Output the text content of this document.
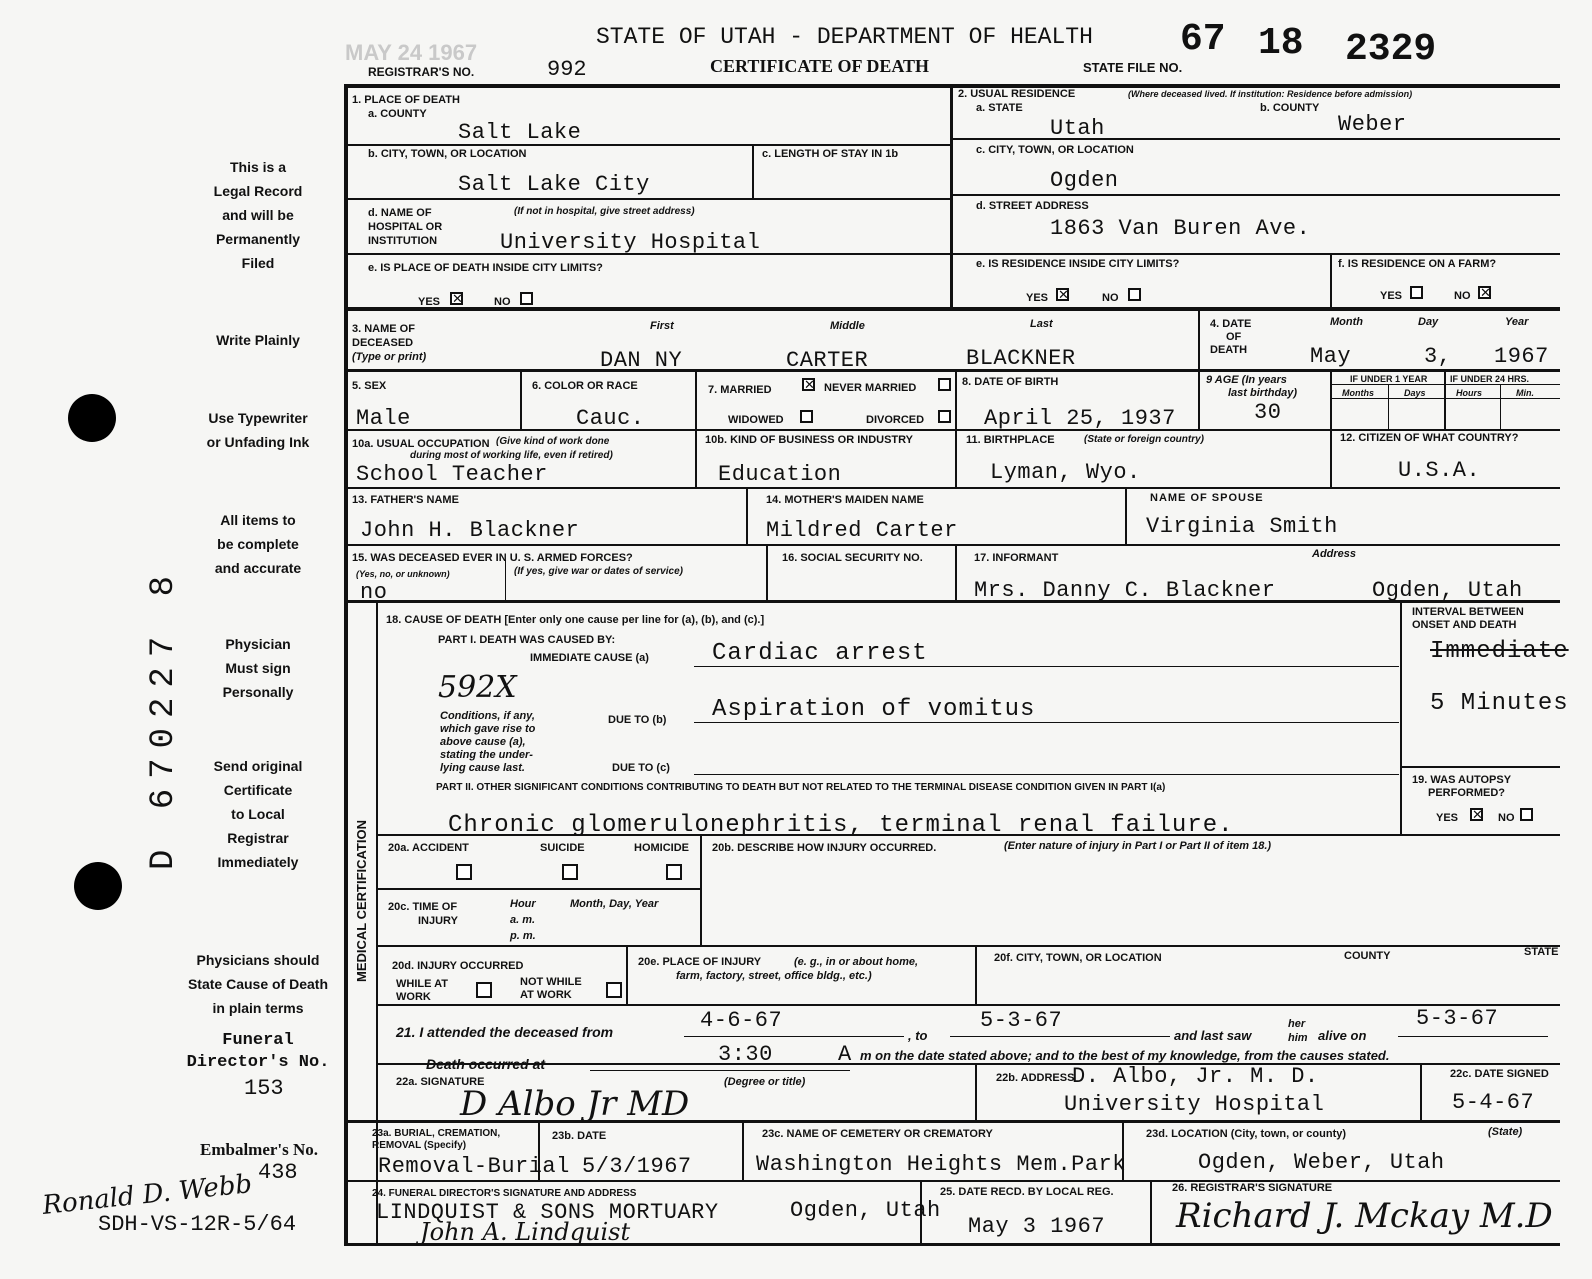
MAY 24 1967
STATE OF UTAH - DEPARTMENT OF HEALTH 67 18 2329
REGISTRAR'S NO.	992	CERTIFICATE OF DEATH	STATE FILE NO.
This is a
Legal Record
and will be
Permanently
Filed
Write Plainly
Use Typewriter
or Unfading Ink
All items to
be complete
and accurate
Physician
Must sign
Personally
Send original
Certificate
to Local
Registrar
Immediately
Physicians should
State Cause of Death
in plain terms
D 670227 8
Funeral
Director's No.
153
Embalmer's No.
438
Ronald D. Webb
SDH-VS-12R-5/64
1. PLACE OF DEATH
a. COUNTY
Salt Lake
b. CITY, TOWN, OR LOCATION
Salt Lake City
c. LENGTH OF STAY IN 1b
d. NAME OF
HOSPITAL OR
INSTITUTION
(If not in hospital, give street address)
University Hospital
e. IS PLACE OF DEATH INSIDE CITY LIMITS?
YES ✕	NO
2. USUAL RESIDENCE	(Where deceased lived. If institution: Residence before admission)
a. STATE
Utah
b. COUNTY
Weber
c. CITY, TOWN, OR LOCATION
Ogden
d. STREET ADDRESS
1863 Van Buren Ave.
e. IS RESIDENCE INSIDE CITY LIMITS?
YES ✕	NO
f. IS RESIDENCE ON A FARM?
YES	NO ✕
3. NAME OF
DECEASED
(Type or print)
First	Middle	Last
DAN NY	CARTER	BLACKNER
4. DATE
OF
DEATH
Month	Day	Year
May	3, 1967
5. SEX
Male
6. COLOR OR RACE
Cauc.
7. MARRIED ✕ NEVER MARRIED
WIDOWED	DIVORCED
8. DATE OF BIRTH
April 25, 1937
9 AGE (In years
last birthday)
30
IF UNDER 1 YEAR	IF UNDER 24 HRS.
Months	Days	Hours	Min.
10a. USUAL OCCUPATION (Give kind of work done
during most of working life, even if retired)
School Teacher
10b. KIND OF BUSINESS OR INDUSTRY
Education
11. BIRTHPLACE	(State or foreign country)
Lyman, Wyo.
12. CITIZEN OF WHAT COUNTRY?
U.S.A.
13. FATHER'S NAME
John H. Blackner
14. MOTHER'S MAIDEN NAME
Mildred Carter
NAME OF SPOUSE
Virginia Smith
15. WAS DECEASED EVER IN U. S. ARMED FORCES?
(Yes, no, or unknown)	(If yes, give war or dates of service)
no
16. SOCIAL SECURITY NO.	17. INFORMANT	Address
Mrs. Danny C. Blackner	Ogden, Utah
MEDICAL CERTIFICATION
18. CAUSE OF DEATH [Enter only one cause per line for (a), (b), and (c).]
PART I. DEATH WAS CAUSED BY:
IMMEDIATE CAUSE (a)	Cardiac arrest
592X
Conditions, if any,
which gave rise to
above cause (a),
stating the under-
lying cause last.
DUE TO (b) Aspiration of vomitus
DUE TO (c)
INTERVAL BETWEEN
ONSET AND DEATH
Immediate
5 Minutes
PART II. OTHER SIGNIFICANT CONDITIONS CONTRIBUTING TO DEATH BUT NOT RELATED TO THE TERMINAL DISEASE CONDITION GIVEN IN PART I(a)
Chronic glomerulonephritis, terminal renal failure.
19. WAS AUTOPSY
PERFORMED?
YES ✕ NO
20a. ACCIDENT	SUICIDE	HOMICIDE 20b. DESCRIBE HOW INJURY OCCURRED.	(Enter nature of injury in Part I or Part II of item 18.)
20c. TIME OF
INJURY
Hour
a. m.
p. m.
Month, Day, Year
20d. INJURY OCCURRED
WHILE AT
WORK
NOT WHILE
AT WORK
20e. PLACE OF INJURY	(e. g., in or about home,
farm, factory, street, office bldg., etc.)
20f. CITY, TOWN, OR LOCATION	COUNTY	STATE
21. I attended the deceased from	4-6-67
, to
5-3-67
and last saw
her
him alive on
5-3-67
Death occurred at	3:30	A m on the date stated above; and to the best of my knowledge, from the causes stated.
22a. SIGNATURE	(Degree or title)
D Albo Jr MD
22b. ADDRESS
D. Albo, Jr. M. D.
University Hospital
22c. DATE SIGNED
5-4-67
23a. BURIAL, CREMATION,
REMOVAL (Specify)
Removal-Burial
23b. DATE
5/3/1967
23c. NAME OF CEMETERY OR CREMATORY
Washington Heights Mem.Park
23d. LOCATION (City, town, or county)	(State)
Ogden, Weber, Utah
24. FUNERAL DIRECTOR'S SIGNATURE AND ADDRESS
LINDQUIST & SONS MORTUARY	Ogden, Utah
John A. Lindquist
25. DATE RECD. BY LOCAL REG.
May 3 1967
26. REGISTRAR'S SIGNATURE
Richard J. Mckay M.D
